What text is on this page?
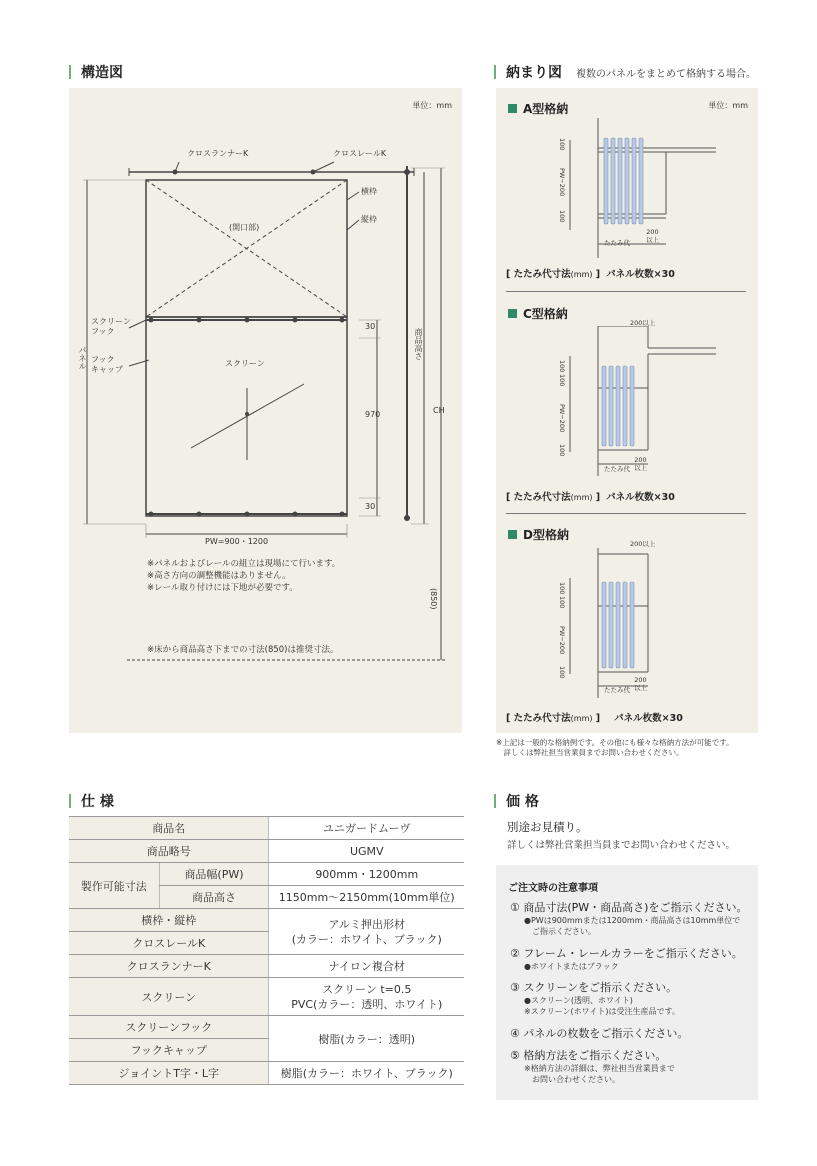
構造図
単位：mm
クロスランナーK	クロスレールK
横枠
縦枠
(開口部)
スクリーン
フック
フック
キャップ
スクリーン
パネル	商品高さ
CH
30
970
30
PW=900・1200
(850)
※パネルおよびレールの組立は現場にて行います。
※高さ方向の調整機能はありません。
※レール取り付けには下地が必要です。
※床から商品高さ下までの寸法(850)は推奨寸法。
納まり図 複数のパネルをまとめて格納する場合。
単位：mm
A型格納
100
PW−200
100
たたみ代
200
以上
[ たたみ代寸法(mm) ] パネル枚数×30
C型格納
200以上
100
100
PW−200
100
たたみ代
200
以上
[ たたみ代寸法(mm) ] パネル枚数×30
D型格納
200以上
100
100
PW−200
100
たたみ代
200
以上
[ たたみ代寸法(mm) ] パネル枚数×30
※上記は一般的な格納例です。その他にも様々な格納方法が可能です。
　詳しくは弊社担当営業員までお問い合わせください。
仕 様
商品名		ユニガードムーヴ
商品略号		UGMV
製作可能寸法	商品幅(PW)	900mm・1200mm
	商品高さ	1150mm〜2150mm(10mm単位)
横枠・縦枠		アルミ押出形材
(カラー：ホワイト、ブラック)

クロスレールK		
クロスランナーK		ナイロン複合材
スクリーン		スクリーン t=0.5
PVC(カラー：透明、ホワイト)

スクリーンフック		樹脂(カラー：透明)
フックキャップ		
ジョイントT字・L字		樹脂(カラー：ホワイト、ブラック)
価 格
別途お見積り。
詳しくは弊社営業担当員までお問い合わせください。
ご注文時の注意事項
① 商品寸法(PW・商品高さ)をご指示ください。
●PWは900mmまたは1200mm・商品高さは10mm単位で
　ご指示ください。
② フレーム・レールカラーをご指示ください。
●ホワイトまたはブラック
③ スクリーンをご指示ください。
●スクリーン(透明、ホワイト)
※スクリーン(ホワイト)は受注生産品です。
④ パネルの枚数をご指示ください。
⑤ 格納方法をご指示ください。
※格納方法の詳細は、弊社担当営業員まで
　お問い合わせください。
